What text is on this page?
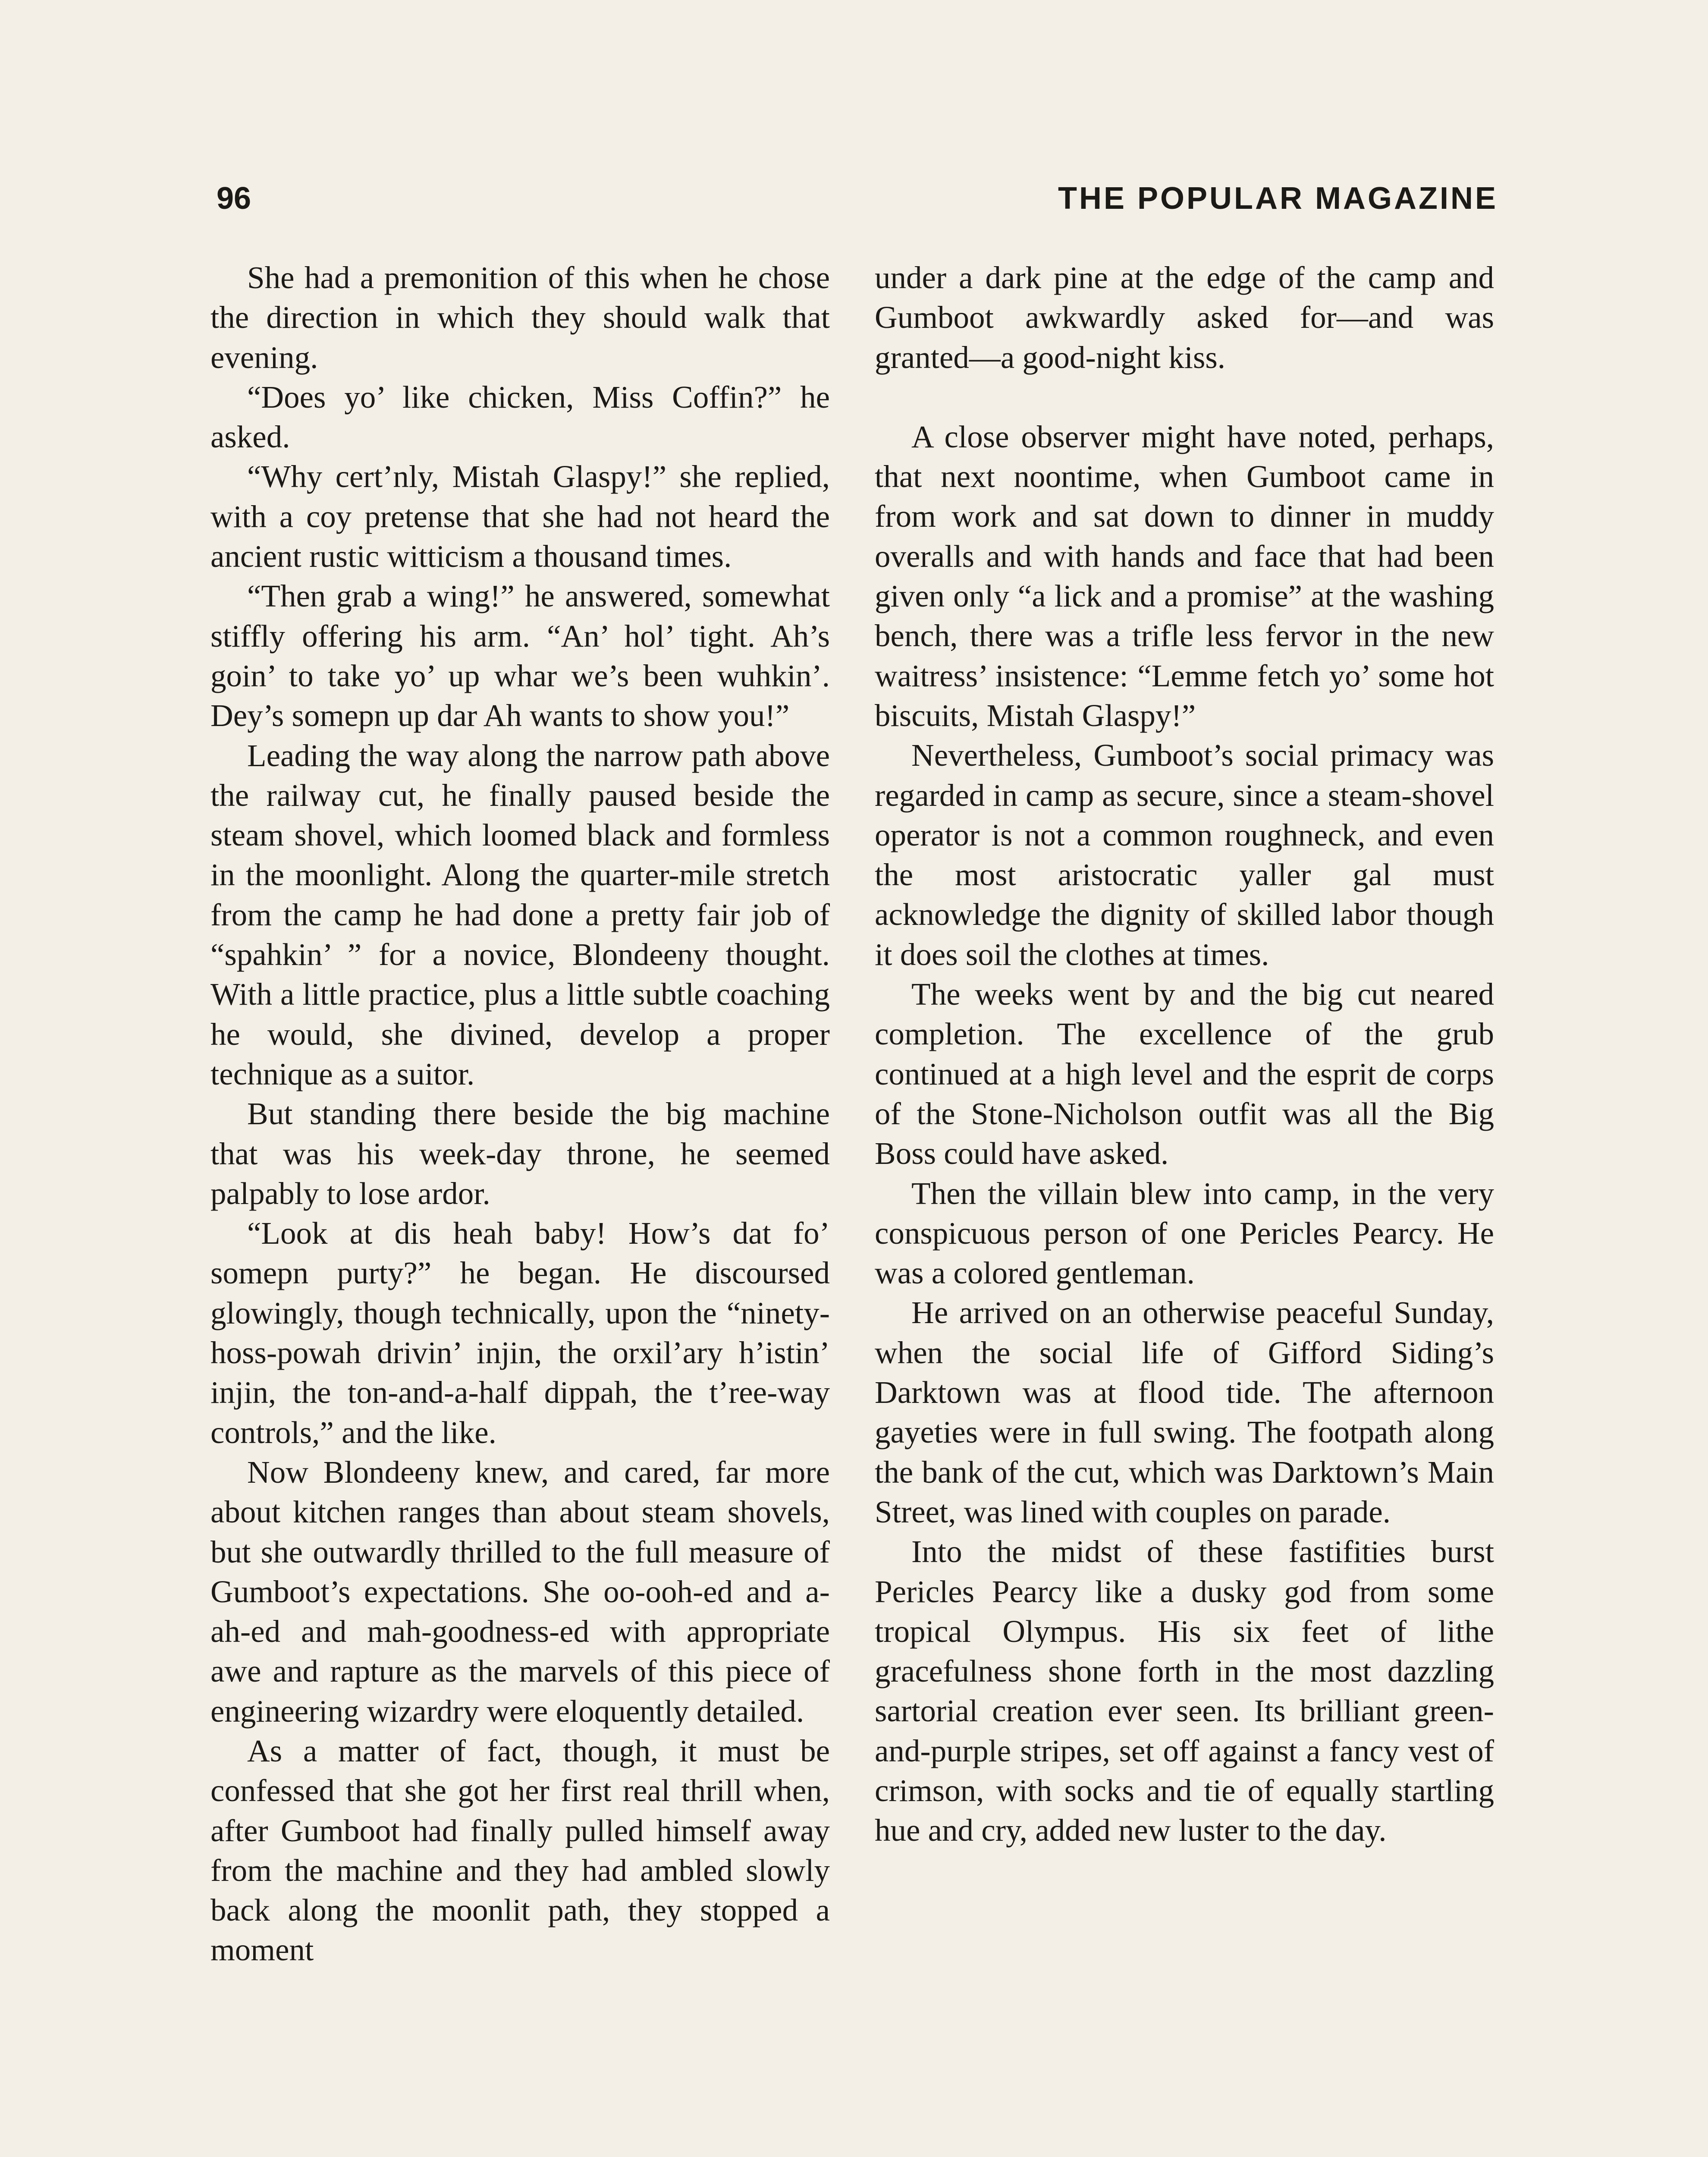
96	THE POPULAR MAGAZINE

She had a premonition of this when he chose the direction in which they should walk that evening.

“Does yo’ like chicken, Miss Coffin?” he asked.

“Why cert’nly, Mistah Glaspy!” she replied, with a coy pretense that she had not heard the ancient rustic witticism a thousand times.

“Then grab a wing!” he answered, somewhat stiffly offering his arm. “An’ hol’ tight. Ah’s goin’ to take yo’ up whar we’s been wuhkin’. Dey’s somepn up dar Ah wants to show you!”

Leading the way along the narrow path above the railway cut, he finally paused beside the steam shovel, which loomed black and formless in the moonlight. Along the quarter-mile stretch from the camp he had done a pretty fair job of “spahkin’ ” for a novice, Blondeeny thought. With a little practice, plus a little subtle coaching he would, she divined, develop a proper technique as a suitor.

But standing there beside the big machine that was his week-day throne, he seemed palpably to lose ardor.

“Look at dis heah baby! How’s dat fo’ somepn purty?” he began. He discoursed glowingly, though technically, upon the “ninety-hoss-powah drivin’ injin, the orxil’ary h’istin’ injin, the ton-and-a-half dippah, the t’ree-way controls,” and the like.

Now Blondeeny knew, and cared, far more about kitchen ranges than about steam shovels, but she outwardly thrilled to the full measure of Gumboot’s expectations. She oo-ooh-ed and a-ah-ed and mah-goodness-ed with appropriate awe and rapture as the marvels of this piece of engineering wizardry were eloquently detailed.

As a matter of fact, though, it must be confessed that she got her first real thrill when, after Gumboot had finally pulled himself away from the machine and they had ambled slowly back along the moonlit path, they stopped a moment

under a dark pine at the edge of the camp and Gumboot awkwardly asked for—and was granted—a good-night kiss.

A close observer might have noted, perhaps, that next noontime, when Gumboot came in from work and sat down to dinner in muddy overalls and with hands and face that had been given only “a lick and a promise” at the washing bench, there was a trifle less fervor in the new waitress’ insistence: “Lemme fetch yo’ some hot biscuits, Mistah Glaspy!”

Nevertheless, Gumboot’s social primacy was regarded in camp as secure, since a steam-shovel operator is not a common roughneck, and even the most aristocratic yaller gal must acknowledge the dignity of skilled labor though it does soil the clothes at times.

The weeks went by and the big cut neared completion. The excellence of the grub continued at a high level and the esprit de corps of the Stone-Nicholson outfit was all the Big Boss could have asked.

Then the villain blew into camp, in the very conspicuous person of one Pericles Pearcy. He was a colored gentleman.

He arrived on an otherwise peaceful Sunday, when the social life of Gifford Siding’s Darktown was at flood tide. The afternoon gayeties were in full swing. The footpath along the bank of the cut, which was Darktown’s Main Street, was lined with couples on parade.

Into the midst of these fastifities burst Pericles Pearcy like a dusky god from some tropical Olympus. His six feet of lithe gracefulness shone forth in the most dazzling sartorial creation ever seen. Its brilliant green-and-purple stripes, set off against a fancy vest of crimson, with socks and tie of equally startling hue and cry, added new luster to the day.
